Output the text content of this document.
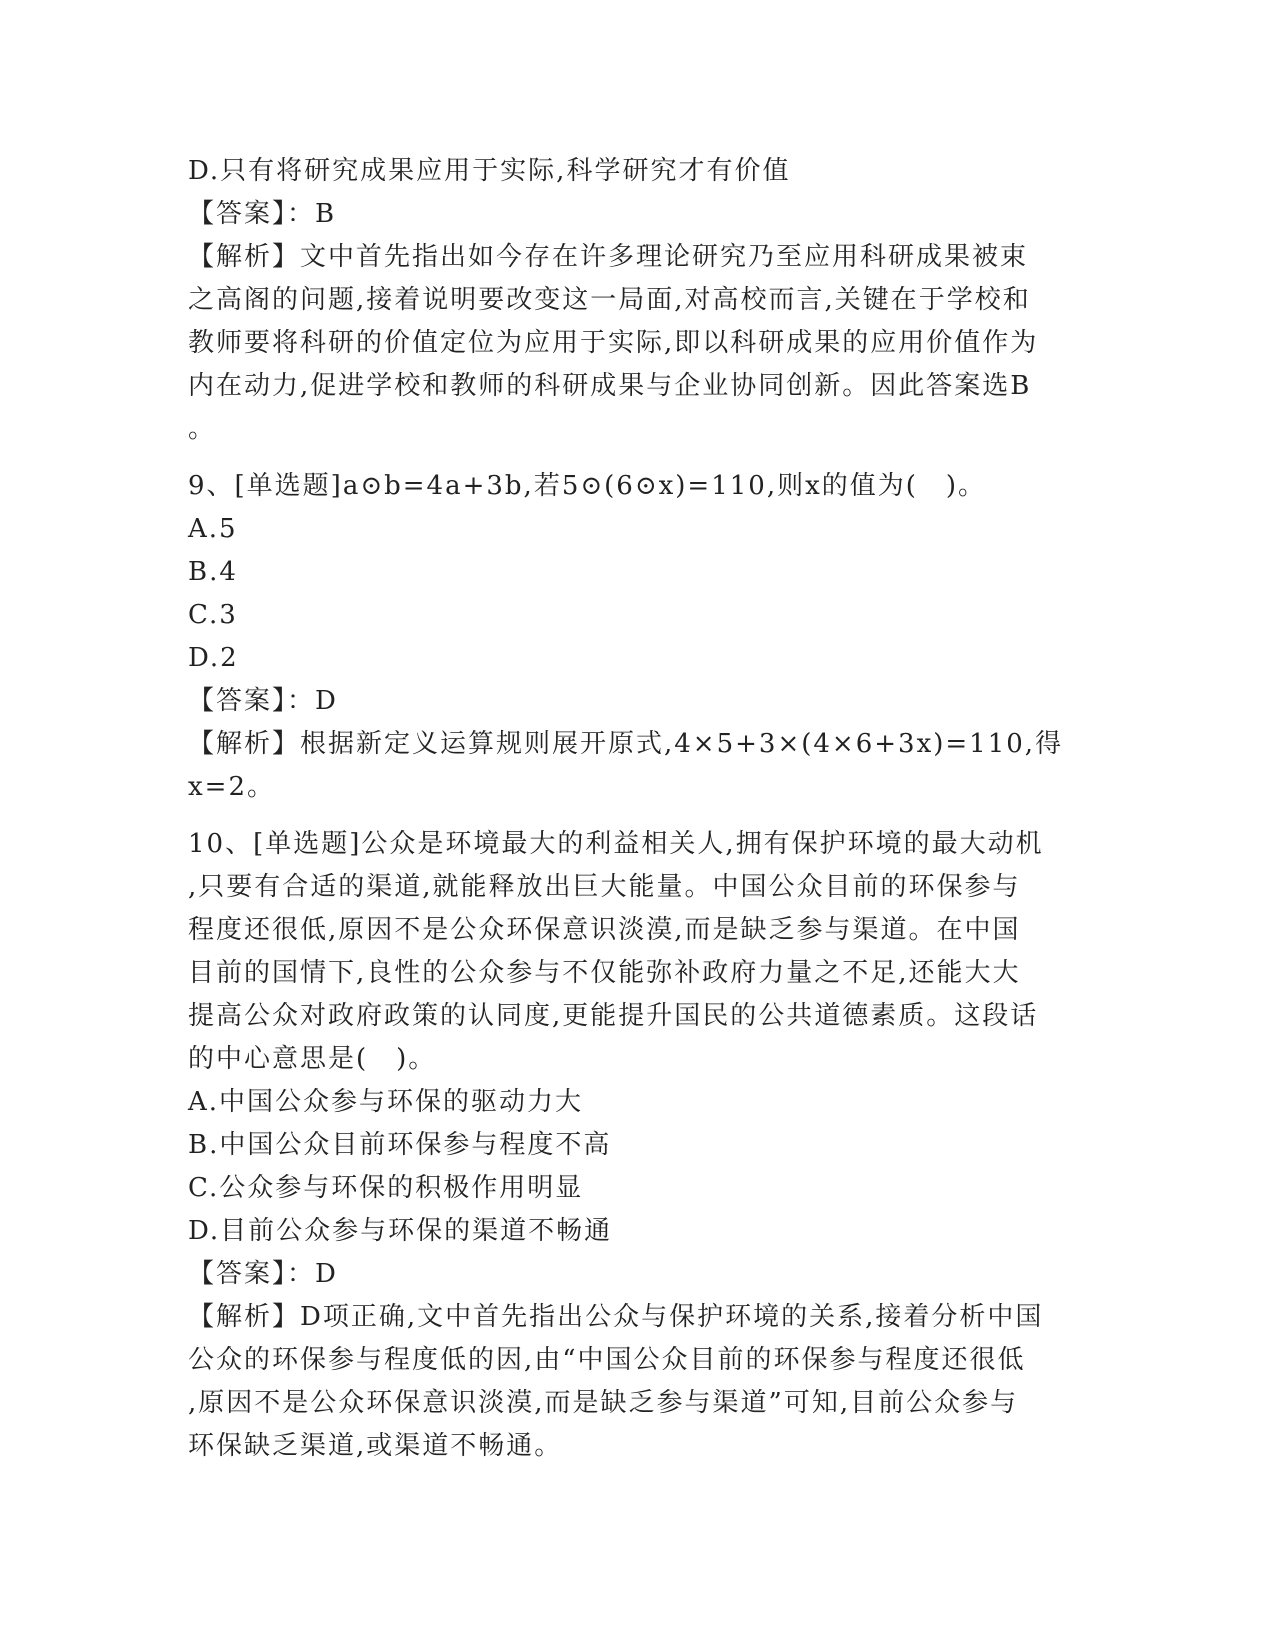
D.只有将研究成果应用于实际,科学研究才有价值
【答案】：B
【解析】文中首先指出如今存在许多理论研究乃至应用科研成果被束
之高阁的问题,接着说明要改变这一局面,对高校而言,关键在于学校和
教师要将科研的价值定位为应用于实际,即以科研成果的应用价值作为
内在动力,促进学校和教师的科研成果与企业协同创新。因此答案选B
。
9、[单选题]a⊙b=4a+3b,若5⊙(6⊙x)=110,则x的值为(　)。
A.5
B.4
C.3
D.2
【答案】：D
【解析】根据新定义运算规则展开原式,4×5+3×(4×6+3x)=110,得
x=2。
10、[单选题]公众是环境最大的利益相关人,拥有保护环境的最大动机
,只要有合适的渠道,就能释放出巨大能量。中国公众目前的环保参与
程度还很低,原因不是公众环保意识淡漠,而是缺乏参与渠道。在中国
目前的国情下,良性的公众参与不仅能弥补政府力量之不足,还能大大
提高公众对政府政策的认同度,更能提升国民的公共道德素质。这段话
的中心意思是(　)。
A.中国公众参与环保的驱动力大
B.中国公众目前环保参与程度不高
C.公众参与环保的积极作用明显
D.目前公众参与环保的渠道不畅通
【答案】：D
【解析】D项正确,文中首先指出公众与保护环境的关系,接着分析中国
公众的环保参与程度低的因,由“中国公众目前的环保参与程度还很低
,原因不是公众环保意识淡漠,而是缺乏参与渠道”可知,目前公众参与
环保缺乏渠道,或渠道不畅通。
